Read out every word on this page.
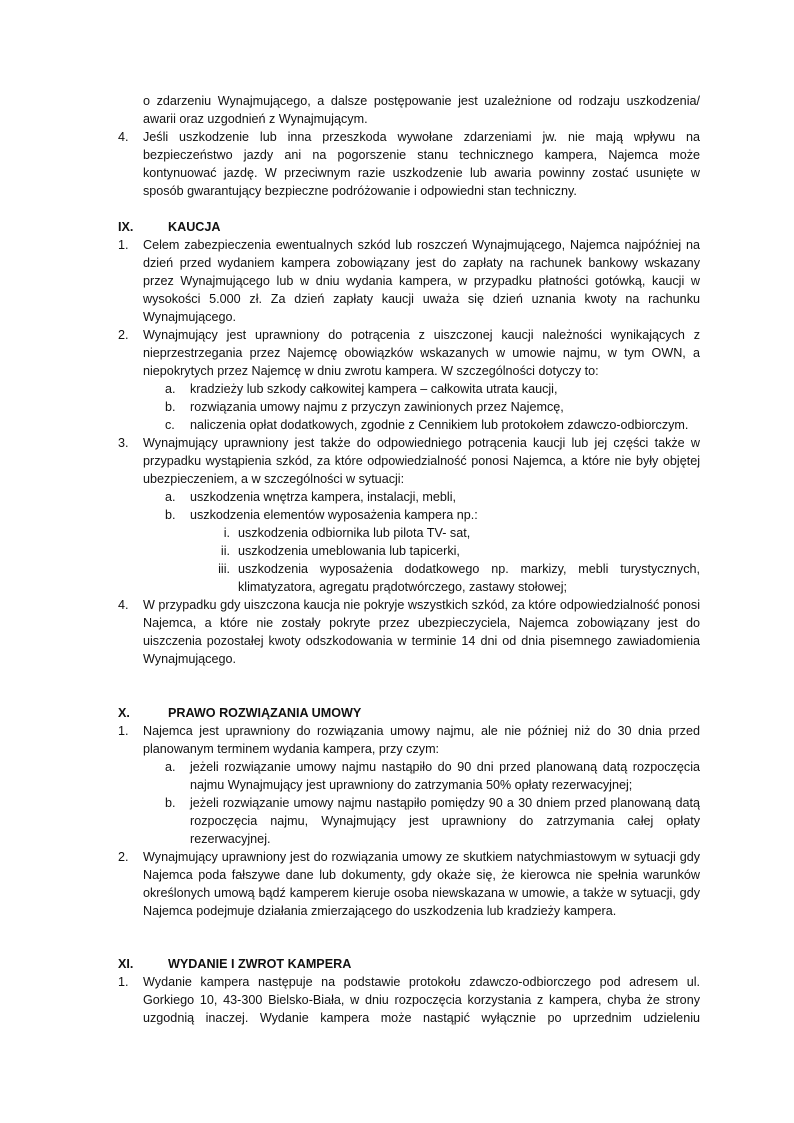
o zdarzeniu Wynajmującego, a dalsze postępowanie jest uzależnione od rodzaju uszkodzenia/ awarii oraz uzgodnień z Wynajmującym.
4. Jeśli uszkodzenie lub inna przeszkoda wywołane zdarzeniami jw. nie mają wpływu na bezpieczeństwo jazdy ani na pogorszenie stanu technicznego kampera, Najemca może kontynuować jazdę. W przeciwnym razie uszkodzenie lub awaria powinny zostać usunięte w sposób gwarantujący bezpieczne podróżowanie i odpowiedni stan techniczny.
IX.	KAUCJA
1. Celem zabezpieczenia ewentualnych szkód lub roszczeń Wynajmującego, Najemca najpóźniej na dzień przed wydaniem kampera zobowiązany jest do zapłaty na rachunek bankowy wskazany przez Wynajmującego lub w dniu wydania kampera, w przypadku płatności gotówką, kaucji w wysokości 5.000 zł. Za dzień zapłaty kaucji uważa się dzień uznania kwoty na rachunku Wynajmującego.
2. Wynajmujący jest uprawniony do potrącenia z uiszczonej kaucji należności wynikających z nieprzestrzegania przez Najemcę obowiązków wskazanych w umowie najmu, w tym OWN, a niepokrytych przez Najemcę w dniu zwrotu kampera. W szczególności dotyczy to:
a. kradzieży lub szkody całkowitej kampera – całkowita utrata kaucji,
b. rozwiązania umowy najmu z przyczyn zawinionych przez Najemcę,
c. naliczenia opłat dodatkowych, zgodnie z Cennikiem lub protokołem zdawczo-odbiorczym.
3. Wynajmujący uprawniony jest także do odpowiedniego potrącenia kaucji lub jej części także w przypadku wystąpienia szkód, za które odpowiedzialność ponosi Najemca, a które nie były objętej ubezpieczeniem, a w szczególności w sytuacji:
a. uszkodzenia wnętrza kampera, instalacji, mebli,
b. uszkodzenia elementów wyposażenia kampera np.:
i. uszkodzenia odbiornika lub pilota TV- sat,
ii. uszkodzenia umeblowania lub tapicerki,
iii. uszkodzenia wyposażenia dodatkowego np. markizy, mebli turystycznych, klimatyzatora, agregatu prądotwórczego, zastawy stołowej;
4. W przypadku gdy uiszczona kaucja nie pokryje wszystkich szkód, za które odpowiedzialność ponosi Najemca, a które nie zostały pokryte przez ubezpieczyciela, Najemca zobowiązany jest do uiszczenia pozostałej kwoty odszkodowania w terminie 14 dni od dnia pisemnego zawiadomienia Wynajmującego.
X.	PRAWO ROZWIĄZANIA UMOWY
1. Najemca jest uprawniony do rozwiązania umowy najmu, ale nie później niż do 30 dnia przed planowanym terminem wydania kampera, przy czym:
a. jeżeli rozwiązanie umowy najmu nastąpiło do 90 dni przed planowaną datą rozpoczęcia najmu Wynajmujący jest uprawniony do zatrzymania 50% opłaty rezerwacyjnej;
b. jeżeli rozwiązanie umowy najmu nastąpiło pomiędzy 90 a 30 dniem przed planowaną datą rozpoczęcia najmu, Wynajmujący jest uprawniony do zatrzymania całej opłaty rezerwacyjnej.
2. Wynajmujący uprawniony jest do rozwiązania umowy ze skutkiem natychmiastowym w sytuacji gdy Najemca poda fałszywe dane lub dokumenty, gdy okaże się, że kierowca nie spełnia warunków określonych umową bądź kamperem kieruje osoba niewskazana w umowie, a także w sytuacji, gdy Najemca podejmuje działania zmierzającego do uszkodzenia lub kradzieży kampera.
XI.	WYDANIE I ZWROT KAMPERA
1. Wydanie kampera następuje na podstawie protokołu zdawczo-odbiorczego pod adresem ul. Gorkiego 10, 43-300 Bielsko-Biała, w dniu rozpoczęcia korzystania z kampera, chyba że strony uzgodnią inaczej. Wydanie kampera może nastąpić wyłącznie po uprzednim udzieleniu
